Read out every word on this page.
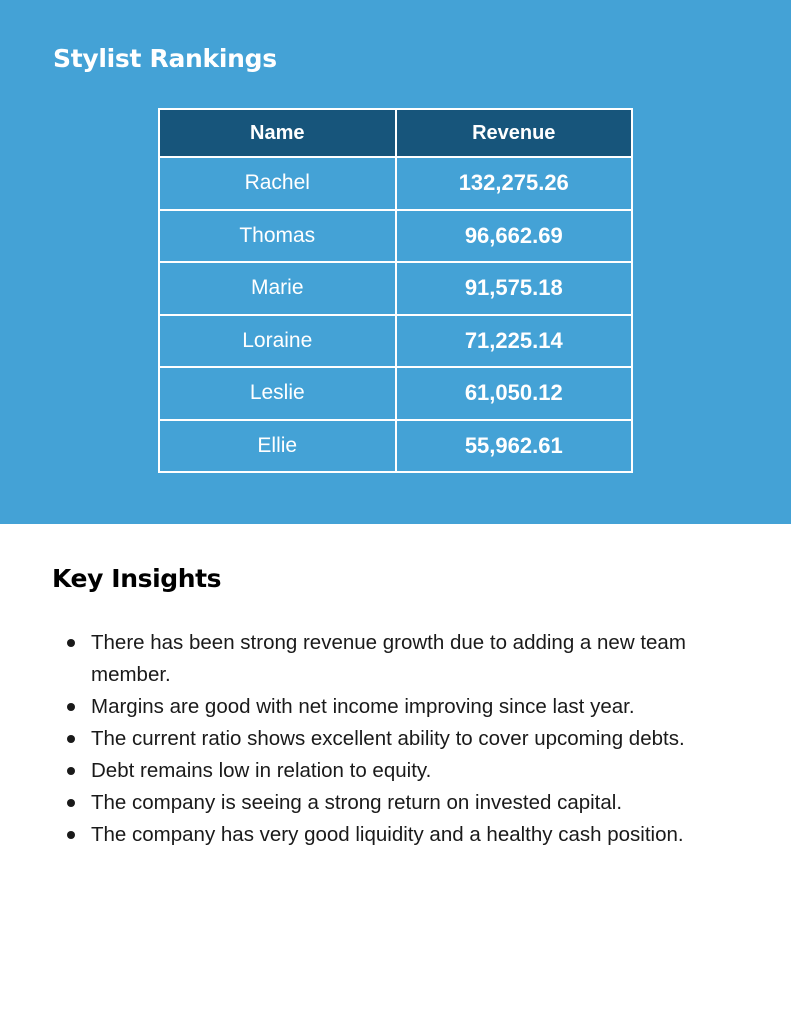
Stylist Rankings
Name	Revenue
Rachel	132,275.26
Thomas	96,662.69
Marie	91,575.18
Loraine	71,225.14
Leslie	61,050.12
Ellie	55,962.61
Key Insights
There has been strong revenue growth due to adding a new team member.
Margins are good with net income improving since last year.
The current ratio shows excellent ability to cover upcoming debts.
Debt remains low in relation to equity.
The company is seeing a strong return on invested capital.
The company has very good liquidity and a healthy cash position.
